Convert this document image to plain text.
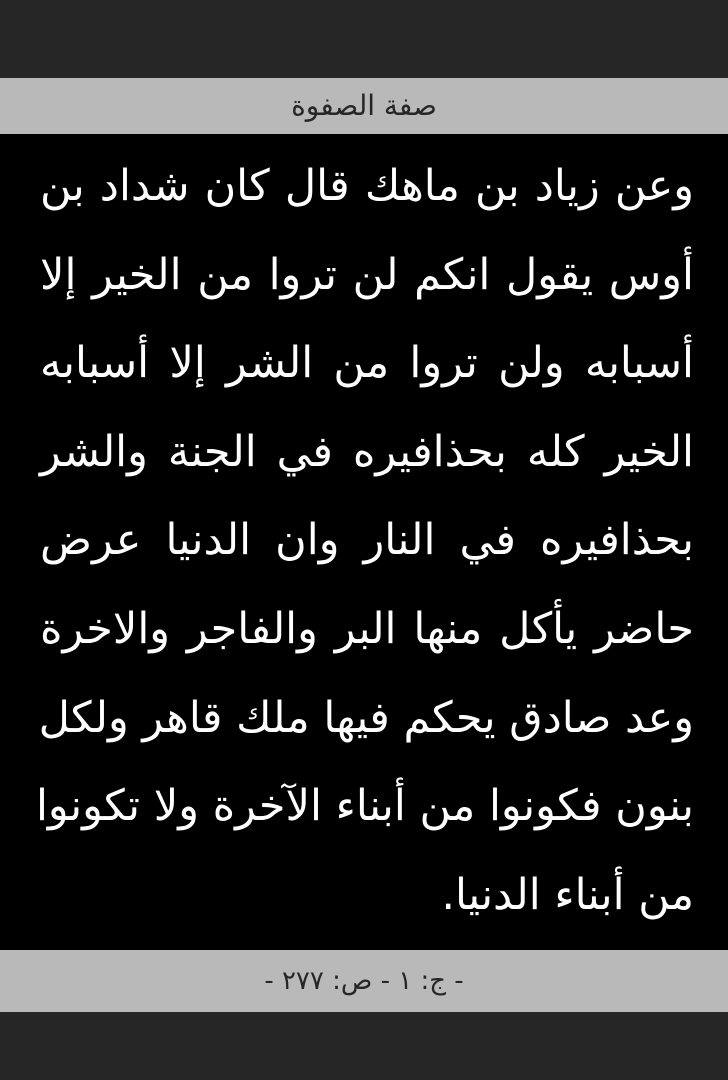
صفة الصفوة
وعن زياد بن ماهك قال كان شداد بن
أوس يقول انكم لن تروا من الخير إلا
أسبابه ولن تروا من الشر إلا أسبابه
الخير كله بحذافيره في الجنة والشر
بحذافيره في النار وان الدنيا عرض
حاضر يأكل منها البر والفاجر والاخرة
وعد صادق يحكم فيها ملك قاهر ولكل
بنون فكونوا من أبناء الآخرة ولا تكونوا
من أبناء الدنيا.
- ج: ١ - ص: ٢٧٧ -
